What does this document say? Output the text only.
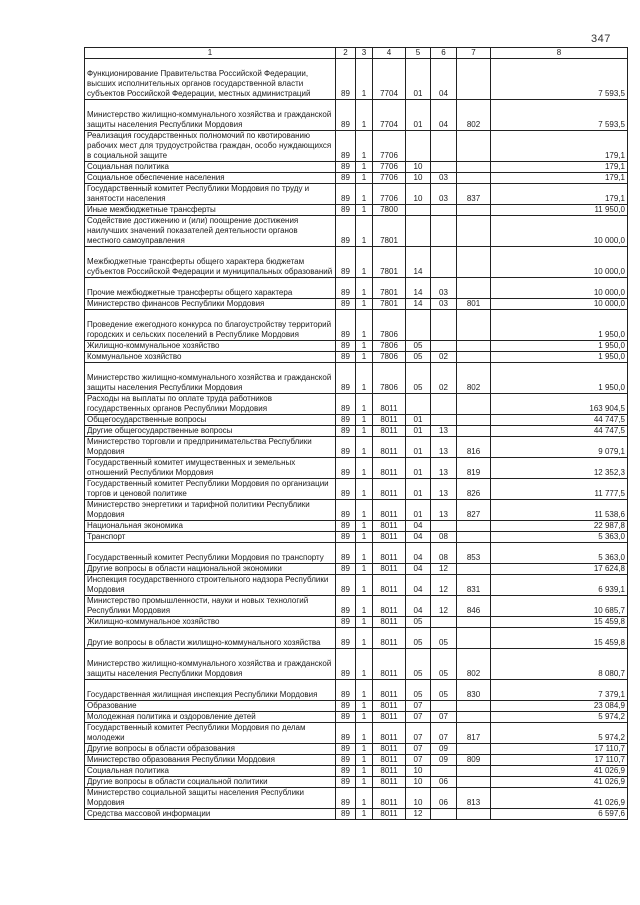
347
1	2	3	4	5	6	7	8
Функционирование Правительства Российской Федерации, высших исполнительных органов государственной власти субъектов Российской Федерации, местных администраций	89	1	7704	01	04		7 593,5
Министерство жилищно-коммунального хозяйства и гражданской защиты населения Республики Мордовия	89	1	7704	01	04	802	7 593,5
Реализация государственных полномочий по квотированию рабочих мест для трудоустройства граждан, особо нуждающихся в социальной защите	89	1	7706				179,1
Социальная политика	89	1	7706	10			179,1
Социальное обеспечение населения	89	1	7706	10	03		179,1
Государственный комитет Республики Мордовия по труду и занятости населения	89	1	7706	10	03	837	179,1
Иные межбюджетные трансферты	89	1	7800				11 950,0
Содействие достижению и (или) поощрение достижения наилучших значений показателей деятельности органов местного самоуправления	89	1	7801				10 000,0
Межбюджетные трансферты общего характера бюджетам субъектов Российской Федерации и муниципальных образований	89	1	7801	14			10 000,0
Прочие межбюджетные трансферты общего характера	89	1	7801	14	03		10 000,0
Министерство финансов Республики Мордовия	89	1	7801	14	03	801	10 000,0
Проведение ежегодного конкурса по благоустройству территорий городских и сельских поселений в Республике Мордовия	89	1	7806				1 950,0
Жилищно-коммунальное хозяйство	89	1	7806	05			1 950,0
Коммунальное хозяйство	89	1	7806	05	02		1 950,0
Министерство жилищно-коммунального хозяйства и гражданской защиты населения Республики Мордовия	89	1	7806	05	02	802	1 950,0
Расходы на выплаты по оплате труда работников государственных органов Республики Мордовия	89	1	8011				163 904,5
Общегосударственные вопросы	89	1	8011	01			44 747,5
Другие общегосударственные вопросы	89	1	8011	01	13		44 747,5
Министерство торговли и предпринимательства Республики Мордовия	89	1	8011	01	13	816	9 079,1
Государственный комитет имущественных и земельных отношений Республики Мордовия	89	1	8011	01	13	819	12 352,3
Государственный комитет Республики Мордовия по организации торгов и ценовой политике	89	1	8011	01	13	826	11 777,5
Министерство энергетики и тарифной политики Республики Мордовия	89	1	8011	01	13	827	11 538,6
Национальная экономика	89	1	8011	04			22 987,8
Транспорт	89	1	8011	04	08		5 363,0
Государственный комитет Республики Мордовия по транспорту	89	1	8011	04	08	853	5 363,0
Другие вопросы в области национальной экономики	89	1	8011	04	12		17 624,8
Инспекция государственного строительного надзора Республики Мордовия	89	1	8011	04	12	831	6 939,1
Министерство промышленности, науки и новых технологий Республики Мордовия	89	1	8011	04	12	846	10 685,7
Жилищно-коммунальное хозяйство	89	1	8011	05			15 459,8
Другие вопросы в области жилищно-коммунального хозяйства	89	1	8011	05	05		15 459,8
Министерство жилищно-коммунального хозяйства и гражданской защиты населения Республики Мордовия	89	1	8011	05	05	802	8 080,7
Государственная жилищная инспекция Республики Мордовия	89	1	8011	05	05	830	7 379,1
Образование	89	1	8011	07			23 084,9
Молодежная политика и оздоровление детей	89	1	8011	07	07		5 974,2
Государственный комитет Республики Мордовия по делам молодежи	89	1	8011	07	07	817	5 974,2
Другие вопросы в области образования	89	1	8011	07	09		17 110,7
Министерство образования Республики Мордовия	89	1	8011	07	09	809	17 110,7
Социальная политика	89	1	8011	10			41 026,9
Другие вопросы в области социальной политики	89	1	8011	10	06		41 026,9
Министерство социальной защиты населения Республики Мордовия	89	1	8011	10	06	813	41 026,9
Средства массовой информации	89	1	8011	12			6 597,6
